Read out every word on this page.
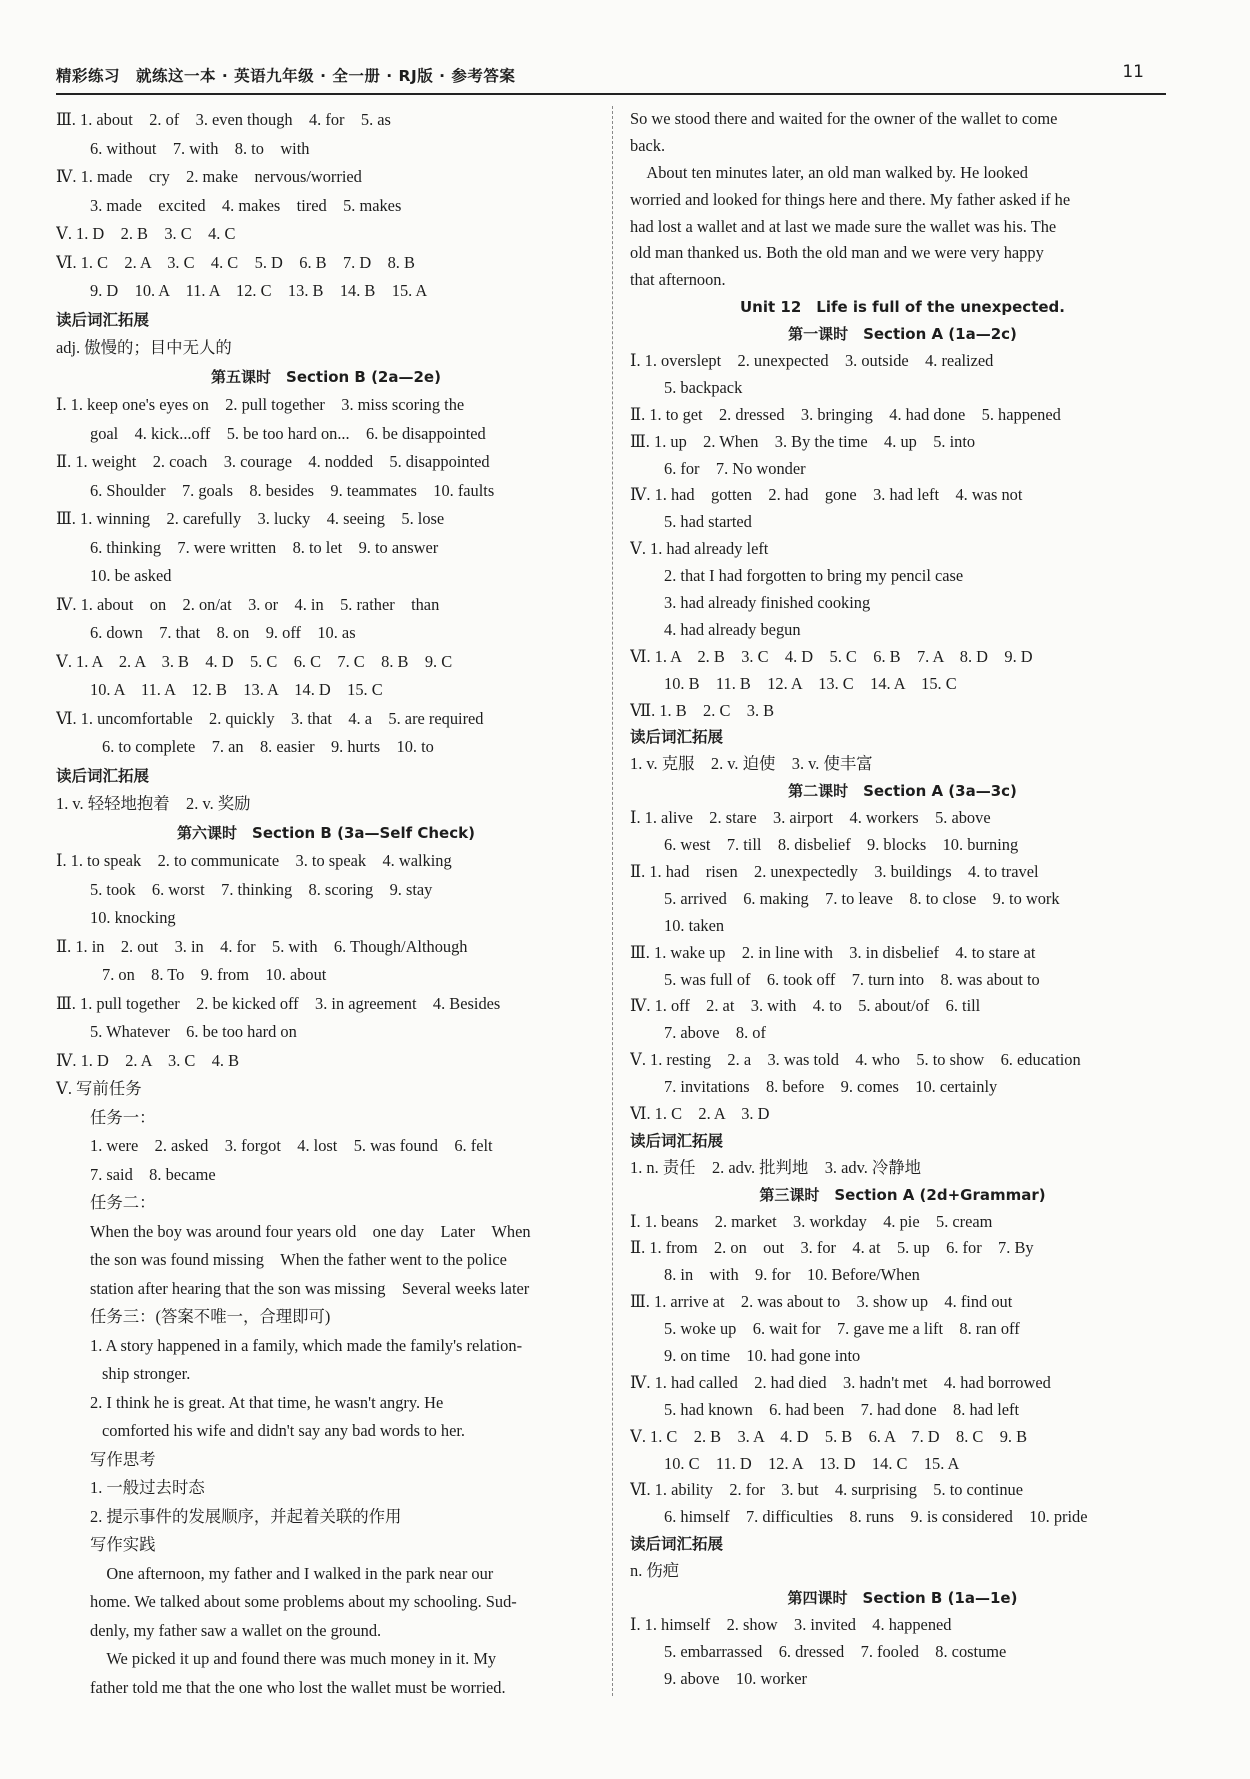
精彩练习　就练这一本 · 英语九年级 · 全一册 · RJ版 · 参考答案	11
Ⅲ. 1. about　2. of　3. even though　4. for　5. as
6. without　7. with　8. to　with
Ⅳ. 1. made　cry　2. make　nervous/worried
3. made　excited　4. makes　tired　5. makes
Ⅴ. 1. D　2. B　3. C　4. C
Ⅵ. 1. C　2. A　3. C　4. C　5. D　6. B　7. D　8. B
9. D　10. A　11. A　12. C　13. B　14. B　15. A
读后词汇拓展
adj. 傲慢的；目中无人的
第五课时　Section B (2a—2e)
Ⅰ. 1. keep one's eyes on　2. pull together　3. miss scoring the
goal　4. kick...off　5. be too hard on...　6. be disappointed
Ⅱ. 1. weight　2. coach　3. courage　4. nodded　5. disappointed
6. Shoulder　7. goals　8. besides　9. teammates　10. faults
Ⅲ. 1. winning　2. carefully　3. lucky　4. seeing　5. lose
6. thinking　7. were written　8. to let　9. to answer
10. be asked
Ⅳ. 1. about　on　2. on/at　3. or　4. in　5. rather　than
6. down　7. that　8. on　9. off　10. as
Ⅴ. 1. A　2. A　3. B　4. D　5. C　6. C　7. C　8. B　9. C
10. A　11. A　12. B　13. A　14. D　15. C
Ⅵ. 1. uncomfortable　2. quickly　3. that　4. a　5. are required
6. to complete　7. an　8. easier　9. hurts　10. to
读后词汇拓展
1. v. 轻轻地抱着　2. v. 奖励
第六课时　Section B (3a—Self Check)
Ⅰ. 1. to speak　2. to communicate　3. to speak　4. walking
5. took　6. worst　7. thinking　8. scoring　9. stay
10. knocking
Ⅱ. 1. in　2. out　3. in　4. for　5. with　6. Though/Although
7. on　8. To　9. from　10. about
Ⅲ. 1. pull together　2. be kicked off　3. in agreement　4. Besides
5. Whatever　6. be too hard on
Ⅳ. 1. D　2. A　3. C　4. B
Ⅴ. 写前任务
任务一：
1. were　2. asked　3. forgot　4. lost　5. was found　6. felt
7. said　8. became
任务二：
When the boy was around four years old　one day　Later　When
the son was found missing　When the father went to the police
station after hearing that the son was missing　Several weeks later
任务三：(答案不唯一，合理即可)
1. A story happened in a family, which made the family's relation-
ship stronger.
2. I think he is great. At that time, he wasn't angry. He
comforted his wife and didn't say any bad words to her.
写作思考
1. 一般过去时态
2. 提示事件的发展顺序，并起着关联的作用
写作实践
　One afternoon, my father and I walked in the park near our
home. We talked about some problems about my schooling. Sud-
denly, my father saw a wallet on the ground.
　We picked it up and found there was much money in it. My
father told me that the one who lost the wallet must be worried.
So we stood there and waited for the owner of the wallet to come
back.
　About ten minutes later, an old man walked by. He looked
worried and looked for things here and there. My father asked if he
had lost a wallet and at last we made sure the wallet was his. The
old man thanked us. Both the old man and we were very happy
that afternoon.
Unit 12　Life is full of the unexpected.
第一课时　Section A (1a—2c)
Ⅰ. 1. overslept　2. unexpected　3. outside　4. realized
5. backpack
Ⅱ. 1. to get　2. dressed　3. bringing　4. had done　5. happened
Ⅲ. 1. up　2. When　3. By the time　4. up　5. into
6. for　7. No wonder
Ⅳ. 1. had　gotten　2. had　gone　3. had left　4. was not
5. had started
Ⅴ. 1. had already left
2. that I had forgotten to bring my pencil case
3. had already finished cooking
4. had already begun
Ⅵ. 1. A　2. B　3. C　4. D　5. C　6. B　7. A　8. D　9. D
10. B　11. B　12. A　13. C　14. A　15. C
Ⅶ. 1. B　2. C　3. B
读后词汇拓展
1. v. 克服　2. v. 迫使　3. v. 使丰富
第二课时　Section A (3a—3c)
Ⅰ. 1. alive　2. stare　3. airport　4. workers　5. above
6. west　7. till　8. disbelief　9. blocks　10. burning
Ⅱ. 1. had　risen　2. unexpectedly　3. buildings　4. to travel
5. arrived　6. making　7. to leave　8. to close　9. to work
10. taken
Ⅲ. 1. wake up　2. in line with　3. in disbelief　4. to stare at
5. was full of　6. took off　7. turn into　8. was about to
Ⅳ. 1. off　2. at　3. with　4. to　5. about/of　6. till
7. above　8. of
Ⅴ. 1. resting　2. a　3. was told　4. who　5. to show　6. education
7. invitations　8. before　9. comes　10. certainly
Ⅵ. 1. C　2. A　3. D
读后词汇拓展
1. n. 责任　2. adv. 批判地　3. adv. 冷静地
第三课时　Section A (2d+Grammar)
Ⅰ. 1. beans　2. market　3. workday　4. pie　5. cream
Ⅱ. 1. from　2. on　out　3. for　4. at　5. up　6. for　7. By
8. in　with　9. for　10. Before/When
Ⅲ. 1. arrive at　2. was about to　3. show up　4. find out
5. woke up　6. wait for　7. gave me a lift　8. ran off
9. on time　10. had gone into
Ⅳ. 1. had called　2. had died　3. hadn't met　4. had borrowed
5. had known　6. had been　7. had done　8. had left
Ⅴ. 1. C　2. B　3. A　4. D　5. B　6. A　7. D　8. C　9. B
10. C　11. D　12. A　13. D　14. C　15. A
Ⅵ. 1. ability　2. for　3. but　4. surprising　5. to continue
6. himself　7. difficulties　8. runs　9. is considered　10. pride
读后词汇拓展
n. 伤疤
第四课时　Section B (1a—1e)
Ⅰ. 1. himself　2. show　3. invited　4. happened
5. embarrassed　6. dressed　7. fooled　8. costume
9. above　10. worker
